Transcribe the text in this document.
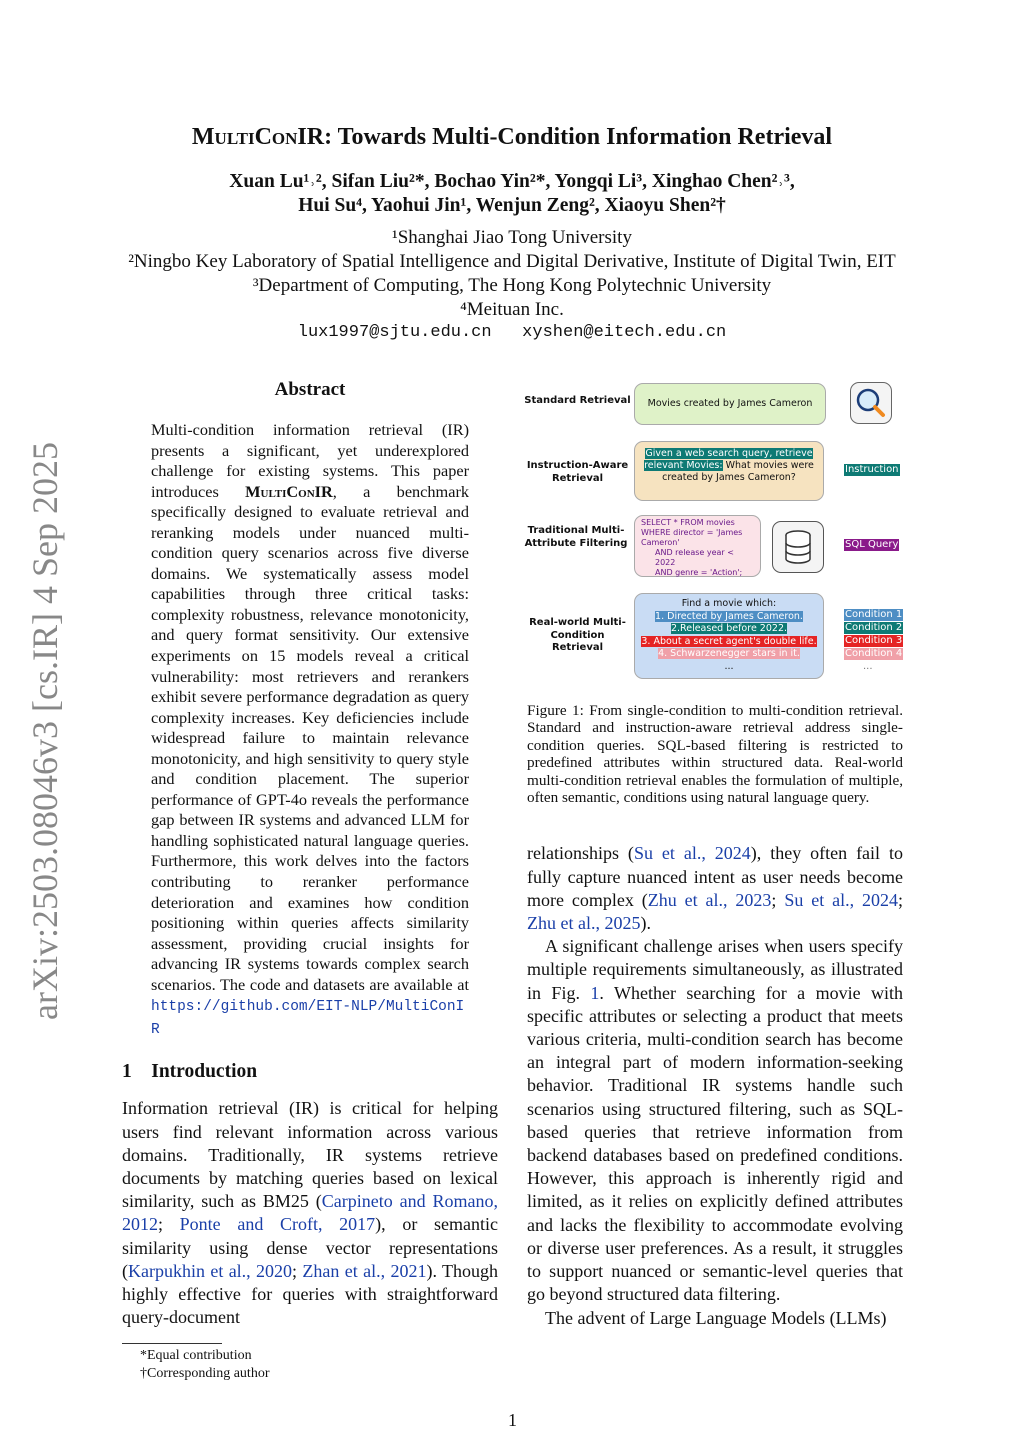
arXiv:2503.08046v3 [cs.IR] 4 Sep 2025
MultiConIR: Towards Multi-Condition Information Retrieval
Xuan Lu¹˒², Sifan Liu²*, Bochao Yin²*, Yongqi Li³, Xinghao Chen²˒³,
Hui Su⁴, Yaohui Jin¹, Wenjun Zeng², Xiaoyu Shen²†
¹Shanghai Jiao Tong University
²Ningbo Key Laboratory of Spatial Intelligence and Digital Derivative, Institute of Digital Twin, EIT
³Department of Computing, The Hong Kong Polytechnic University
⁴Meituan Inc.
lux1997@sjtu.edu.cn   xyshen@eitech.edu.cn
Abstract
Multi-condition information retrieval (IR) presents a significant, yet underexplored challenge for existing systems. This paper introduces MultiConIR, a benchmark specifically designed to evaluate retrieval and reranking models under nuanced multi-condition query scenarios across five diverse domains. We systematically assess model capabilities through three critical tasks: complexity robustness, relevance monotonicity, and query format sensitivity. Our extensive experiments on 15 models reveal a critical vulnerability: most retrievers and rerankers exhibit severe performance degradation as query complexity increases. Key deficiencies include widespread failure to maintain relevance monotonicity, and high sensitivity to query style and condition placement. The superior performance of GPT-4o reveals the performance gap between IR systems and advanced LLM for handling sophisticated natural language queries. Furthermore, this work delves into the factors contributing to reranker performance deterioration and examines how condition positioning within queries affects similarity assessment, providing crucial insights for advancing IR systems towards complex search scenarios. The code and datasets are available at https://github.com/EIT-NLP/MultiConIR
1    Introduction
Information retrieval (IR) is critical for helping users find relevant information across various domains. Traditionally, IR systems retrieve documents by matching queries based on lexical similarity, such as BM25 (Carpineto and Romano, 2012; Ponte and Croft, 2017), or semantic similarity using dense vector representations (Karpukhin et al., 2020; Zhan et al., 2021). Though highly effective for queries with straightforward query-document
*Equal contribution
†Corresponding author
Standard Retrieval
Instruction-Aware Retrieval
Traditional Multi-Attribute Filtering
Real-world Multi-Condition Retrieval
Movies created by James Cameron
Given a web search query, retrieve relevant Movies: What movies were created by James Cameron?
Instruction
SELECT * FROM movies
WHERE director = 'James Cameron'
AND release year < 2022
AND genre = 'Action';
SQL Query
Find a movie which:
1. Directed by James Cameron.
2.Released before 2022.
3. About a secret agent's double life.
4. Schwarzenegger stars in it.
...
Condition 1
Condition 2
Condition 3
Condition 4
...
Figure 1: From single-condition to multi-condition retrieval. Standard and instruction-aware retrieval address single-condition queries. SQL-based filtering is restricted to predefined attributes within structured data. Real-world multi-condition retrieval enables the formulation of multiple, often semantic, conditions using natural language query.

relationships (Su et al., 2024), they often fail to fully capture nuanced intent as user needs become more complex (Zhu et al., 2023; Su et al., 2024; Zhu et al., 2025).

A significant challenge arises when users specify multiple requirements simultaneously, as illustrated in Fig. 1. Whether searching for a movie with specific attributes or selecting a product that meets various criteria, multi-condition search has become an integral part of modern information-seeking behavior. Traditional IR systems handle such scenarios using structured filtering, such as SQL-based queries that retrieve information from backend databases based on predefined conditions. However, this approach is inherently rigid and limited, as it relies on explicitly defined attributes and lacks the flexibility to accommodate evolving or diverse user preferences. As a result, it struggles to support nuanced or semantic-level queries that go beyond structured data filtering.

The advent of Large Language Models (LLMs)

1
